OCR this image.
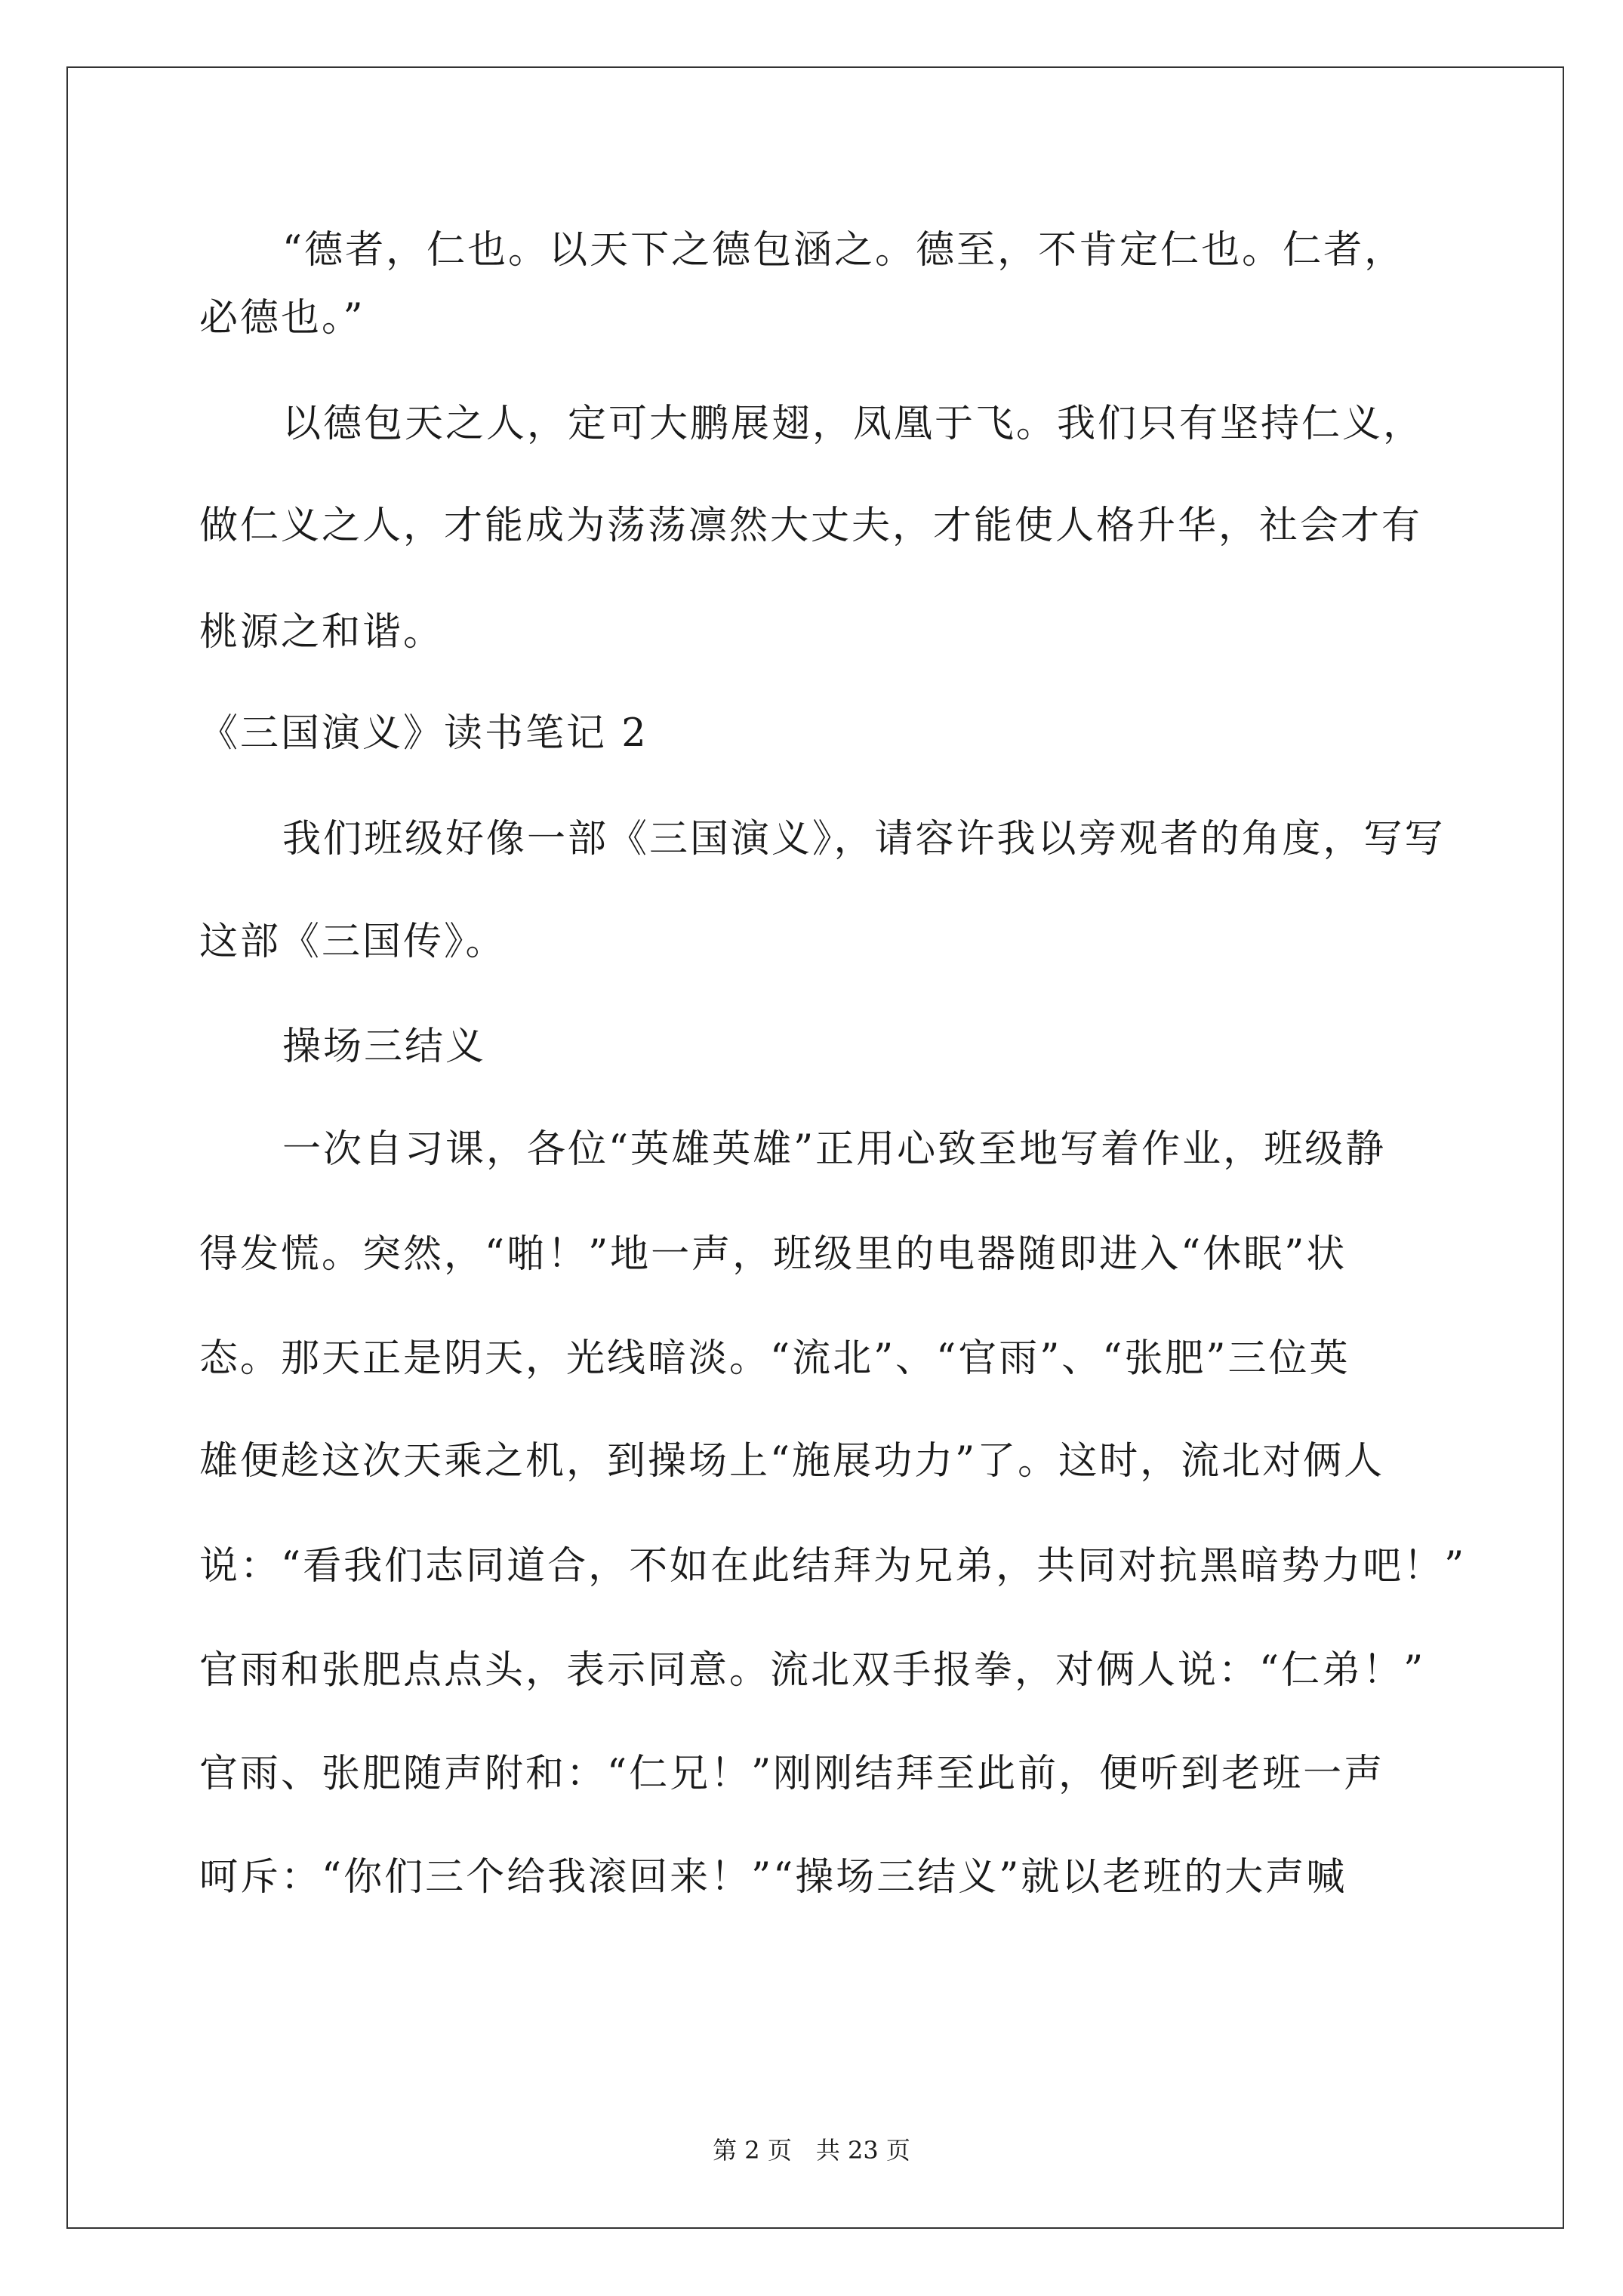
“德者，仁也。以天下之德包涵之。德至，不肯定仁也。仁者，
必德也。”
以德包天之人，定可大鹏展翅，凤凰于飞。我们只有坚持仁义，
做仁义之人，才能成为荡荡凛然大丈夫，才能使人格升华，社会才有
桃源之和谐。
《三国演义》读书笔记 2
我们班级好像一部《三国演义》，请容许我以旁观者的角度，写写
这部《三国传》。
操场三结义
一次自习课，各位“英雄英雄”正用心致至地写着作业，班级静
得发慌。突然，“啪！”地一声，班级里的电器随即进入“休眠”状
态。那天正是阴天，光线暗淡。“流北”、“官雨”、“张肥”三位英
雄便趁这次天乘之机，到操场上“施展功力”了。这时，流北对俩人
说：“看我们志同道合，不如在此结拜为兄弟，共同对抗黑暗势力吧！”
官雨和张肥点点头，表示同意。流北双手报拳，对俩人说：“仁弟！”
官雨、张肥随声附和：“仁兄！”刚刚结拜至此前，便听到老班一声
呵斥：“你们三个给我滚回来！”“操场三结义”就以老班的大声喊
第 2 页　共 23 页
